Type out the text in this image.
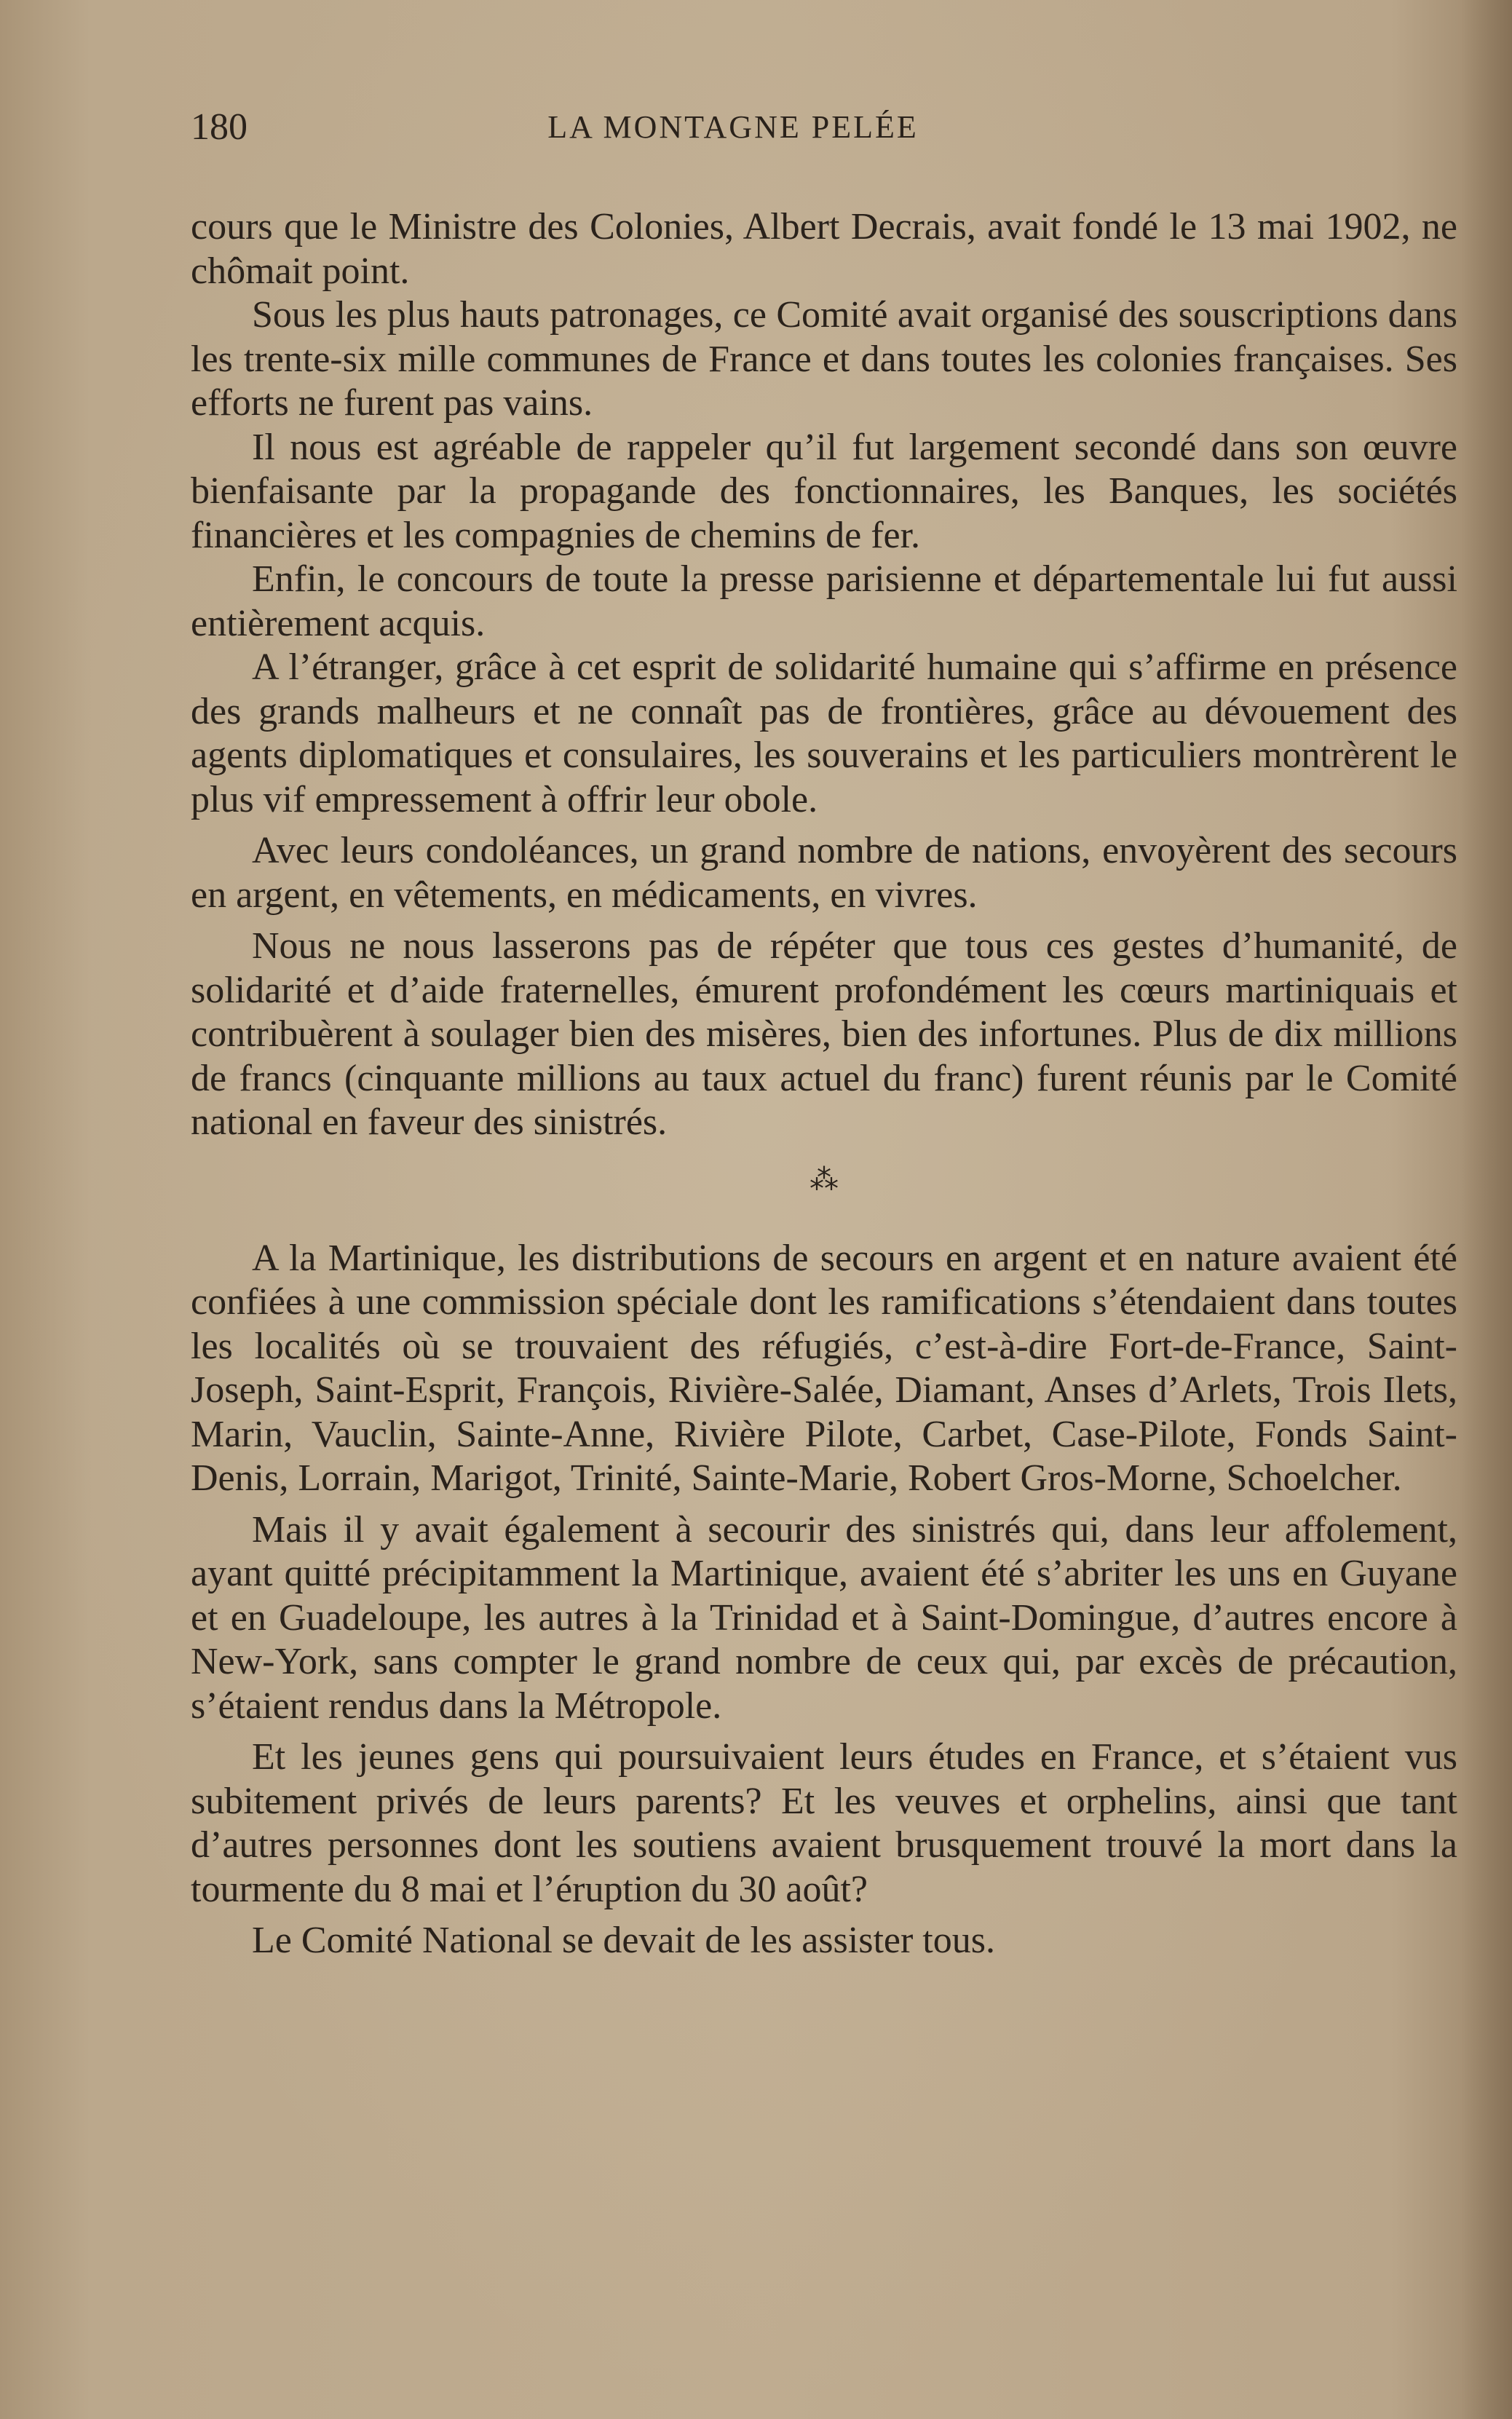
180	LA MONTAGNE PELÉE

cours que le Ministre des Colonies, Albert Decrais, avait fondé le 13 mai 1902, ne chômait point.

Sous les plus hauts patronages, ce Comité avait organisé des souscriptions dans les trente-six mille communes de France et dans toutes les colonies françaises. Ses efforts ne furent pas vains.

Il nous est agréable de rappeler qu’il fut largement secondé dans son œuvre bienfaisante par la propagande des fonctionnaires, les Banques, les sociétés financières et les compagnies de chemins de fer.

Enfin, le concours de toute la presse parisienne et départementale lui fut aussi entièrement acquis.

A l’étranger, grâce à cet esprit de solidarité humaine qui s’affirme en présence des grands malheurs et ne connaît pas de frontières, grâce au dévouement des agents diplomatiques et consulaires, les souverains et les particuliers montrèrent le plus vif empressement à offrir leur obole.

Avec leurs condoléances, un grand nombre de nations, envoyèrent des secours en argent, en vêtements, en médicaments, en vivres.

Nous ne nous lasserons pas de répéter que tous ces gestes d’humanité, de solidarité et d’aide fraternelles, émurent profondément les cœurs martiniquais et contribuèrent à soulager bien des misères, bien des infortunes. Plus de dix millions de francs (cinquante millions au taux actuel du franc) furent réunis par le Comité national en faveur des sinistrés.

⁂

A la Martinique, les distributions de secours en argent et en nature avaient été confiées à une commission spéciale dont les ramifications s’étendaient dans toutes les localités où se trouvaient des réfugiés, c’est-à-dire Fort-de-France, Saint-Joseph, Saint-Esprit, François, Rivière-Salée, Diamant, Anses d’Arlets, Trois Ilets, Marin, Vauclin, Sainte-Anne, Rivière Pilote, Carbet, Case-Pilote, Fonds Saint-Denis, Lorrain, Marigot, Trinité, Sainte-Marie, Robert Gros-Morne, Schoelcher.

Mais il y avait également à secourir des sinistrés qui, dans leur affolement, ayant quitté précipitamment la Martinique, avaient été s’abriter les uns en Guyane et en Guadeloupe, les autres à la Trinidad et à Saint-Domingue, d’autres encore à New-York, sans compter le grand nombre de ceux qui, par excès de précaution, s’étaient rendus dans la Métropole.

Et les jeunes gens qui poursuivaient leurs études en France, et s’étaient vus subitement privés de leurs parents? Et les veuves et orphelins, ainsi que tant d’autres personnes dont les soutiens avaient brusquement trouvé la mort dans la tourmente du 8 mai et l’éruption du 30 août?

Le Comité National se devait de les assister tous.
